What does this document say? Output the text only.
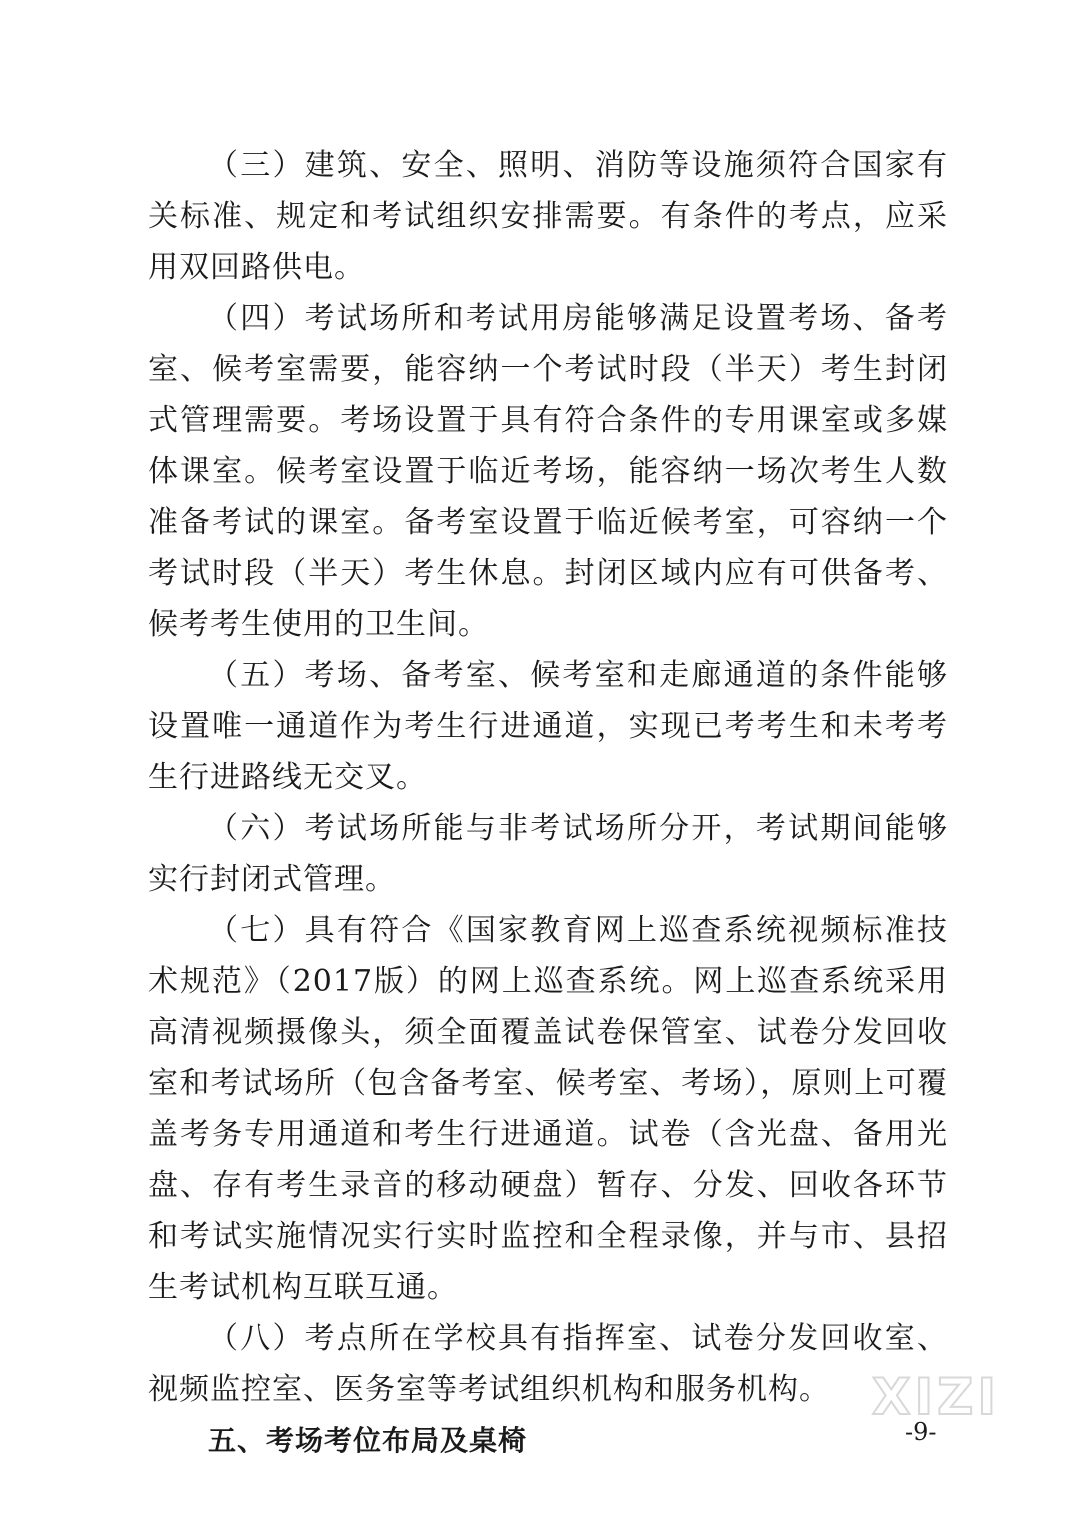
（三）建筑、安全、照明、消防等设施须符合国家有关标准、规定和考试组织安排需要。有条件的考点，应采用双回路供电。

（四）考试场所和考试用房能够满足设置考场、备考室、候考室需要，能容纳一个考试时段（半天）考生封闭式管理需要。考场设置于具有符合条件的专用课室或多媒体课室。候考室设置于临近考场，能容纳一场次考生人数准备考试的课室。备考室设置于临近候考室，可容纳一个考试时段（半天）考生休息。封闭区域内应有可供备考、候考考生使用的卫生间。

（五）考场、备考室、候考室和走廊通道的条件能够设置唯一通道作为考生行进通道，实现已考考生和未考考生行进路线无交叉。

（六）考试场所能与非考试场所分开，考试期间能够实行封闭式管理。

（七）具有符合《国家教育网上巡查系统视频标准技术规范》（2017版）的网上巡查系统。网上巡查系统采用高清视频摄像头，须全面覆盖试卷保管室、试卷分发回收室和考试场所（包含备考室、候考室、考场），原则上可覆盖考务专用通道和考生行进通道。试卷（含光盘、备用光盘、存有考生录音的移动硬盘）暂存、分发、回收各环节和考试实施情况实行实时监控和全程录像，并与市、县招生考试机构互联互通。

（八）考点所在学校具有指挥室、试卷分发回收室、视频监控室、医务室等考试组织机构和服务机构。

五、考场考位布局及桌椅

XIZI
-9-
